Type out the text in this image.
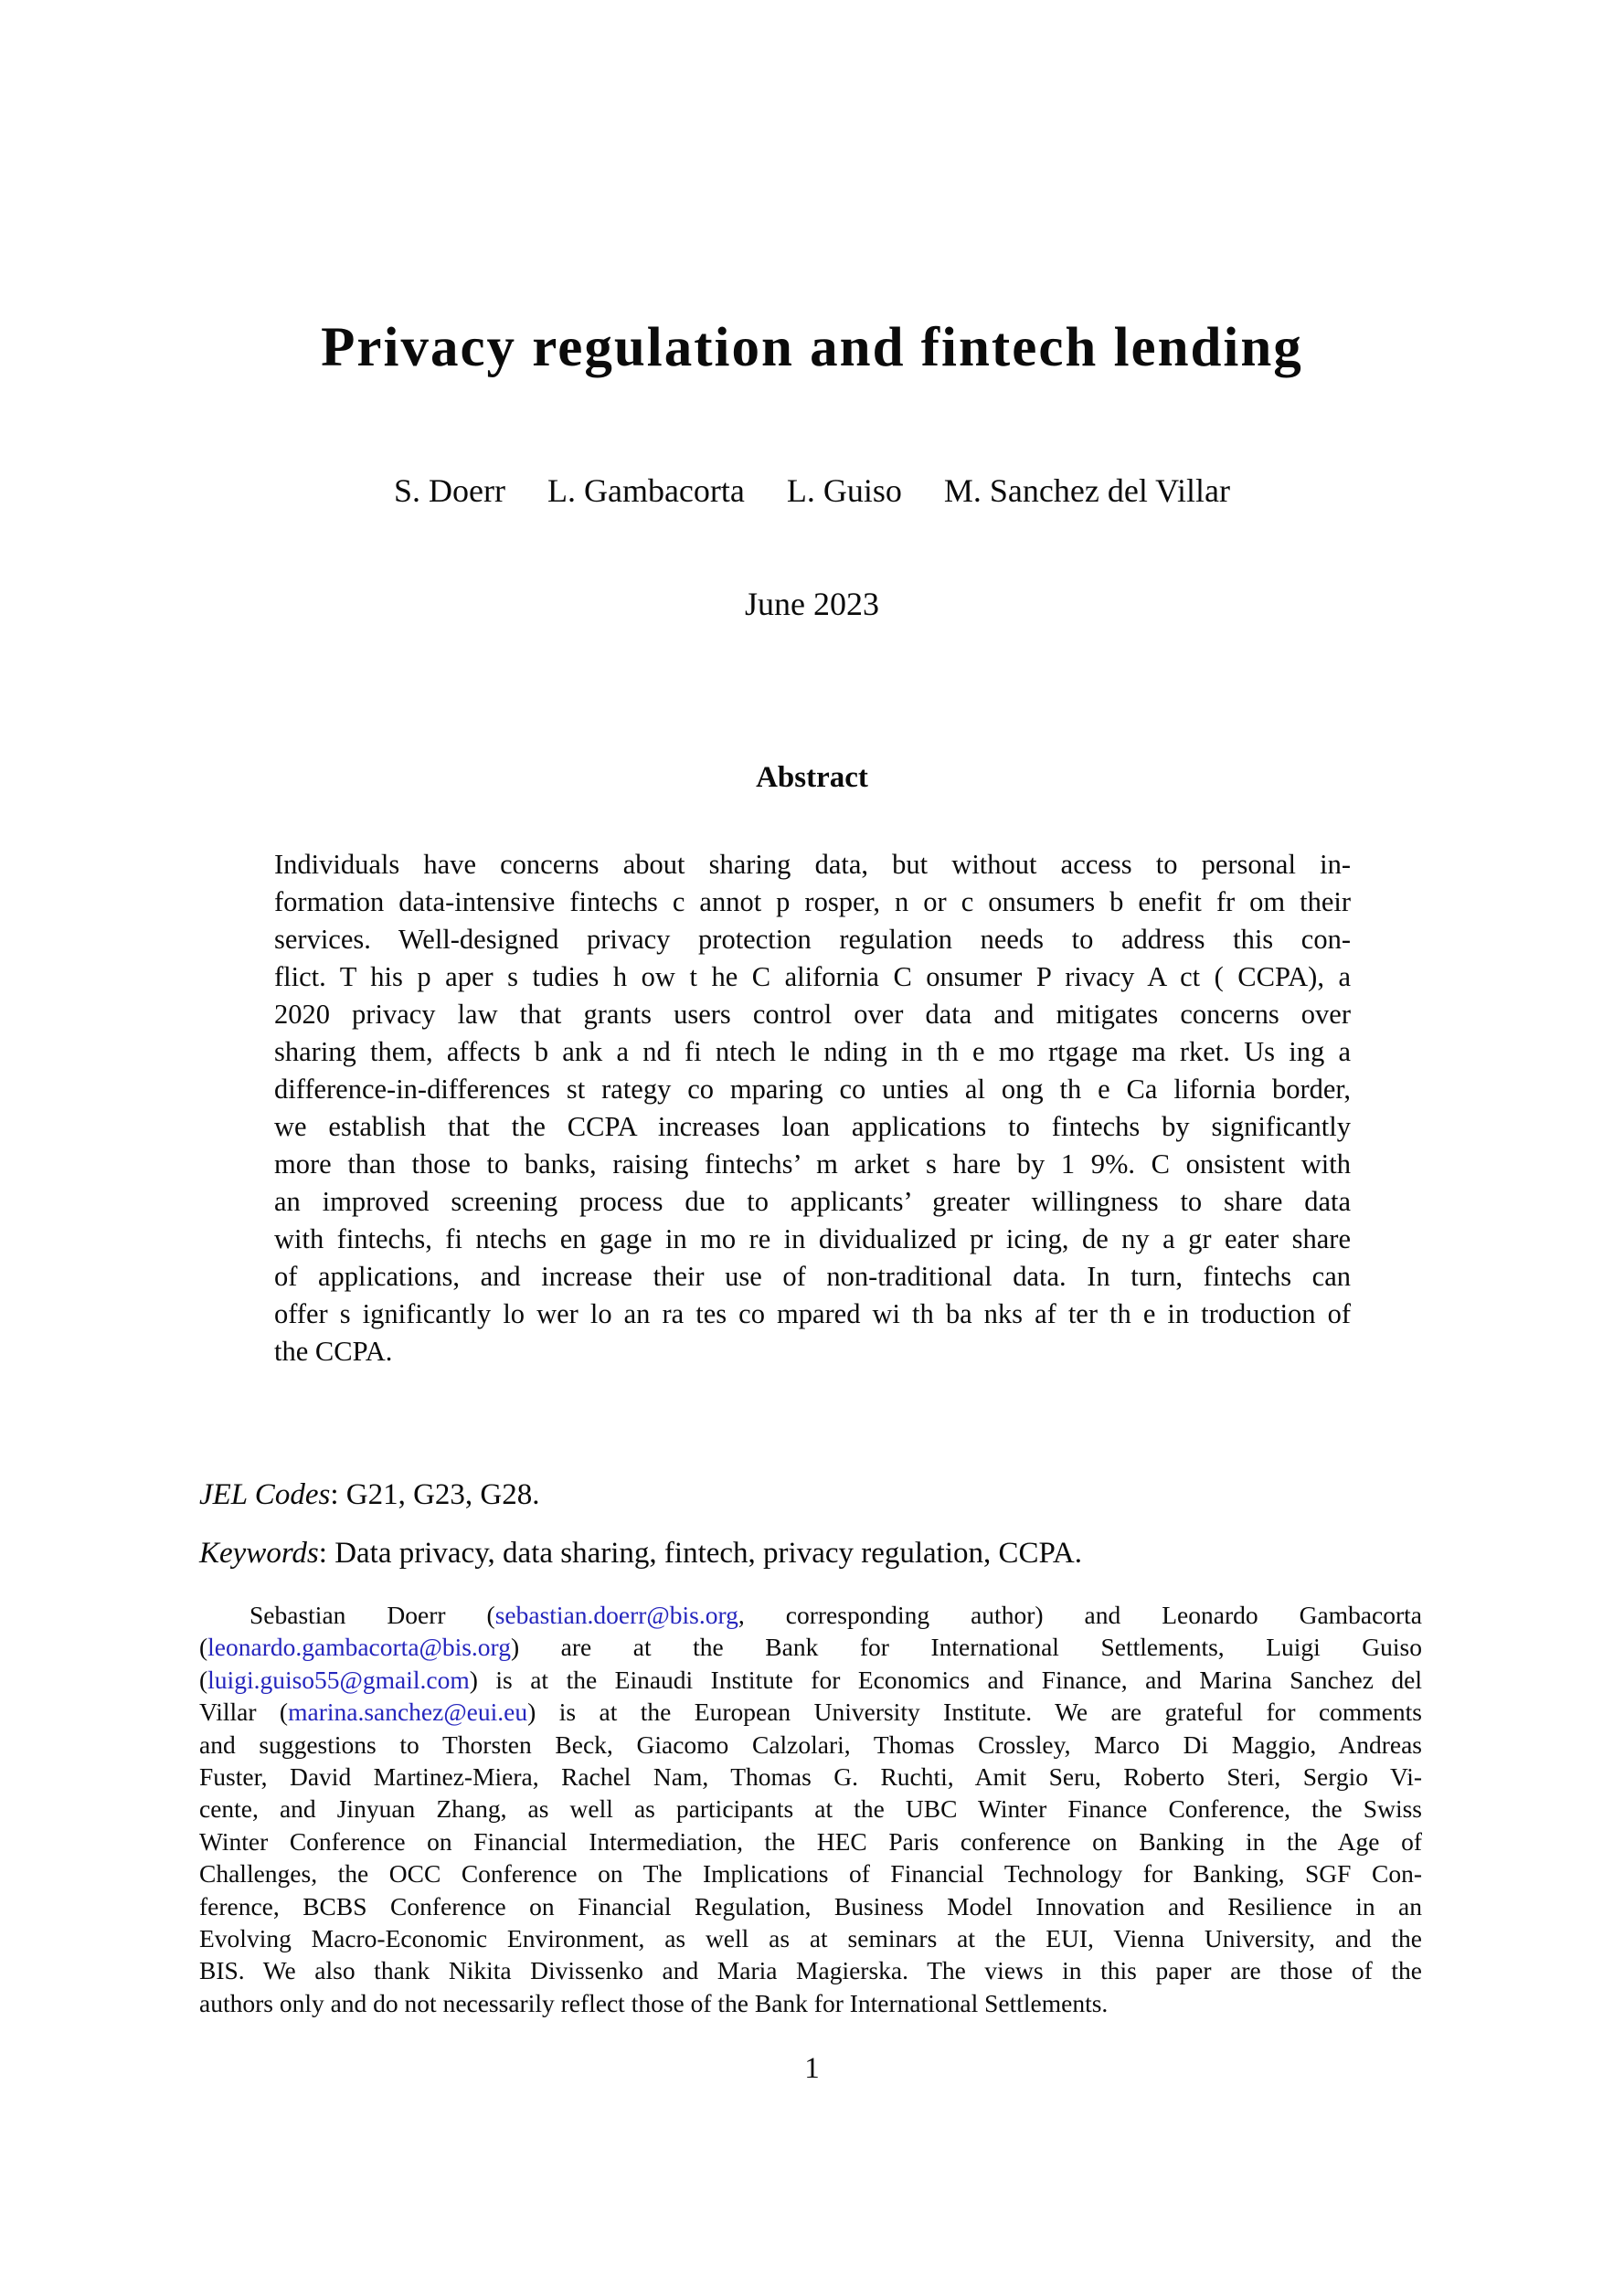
Privacy regulation and fintech lending
S. Doerr L. Gambacorta L. Guiso M. Sanchez del Villar
June 2023
Abstract
Individuals have concerns about sharing data, but without access to personal in-
formation data-intensive fintechs c annot p rosper, n or c onsumers b enefit fr om their
services. Well-designed privacy protection regulation needs to address this con-
flict. T his p aper s tudies h ow t he C alifornia C onsumer P rivacy A ct ( CCPA), a
2020 privacy law that grants users control over data and mitigates concerns over
sharing them, affects b ank a nd fi ntech le nding in th e mo rtgage ma rket. Us ing a
difference-in-differences st rategy co mparing co unties al ong th e Ca lifornia border,
we establish that the CCPA increases loan applications to fintechs by significantly
more than those to banks, raising fintechs’ m arket s hare by 1 9%. C onsistent with
an improved screening process due to applicants’ greater willingness to share data
with fintechs, fi ntechs en gage in mo re in dividualized pr icing, de ny a gr eater share
of applications, and increase their use of non-traditional data. In turn, fintechs can
offer s ignificantly lo wer lo an ra tes co mpared wi th ba nks af ter th e in troduction of
the CCPA.
JEL Codes: G21, G23, G28.
Keywords: Data privacy, data sharing, fintech, privacy regulation, CCPA.
Sebastian Doerr (sebastian.doerr@bis.org, corresponding author) and Leonardo Gambacorta
(leonardo.gambacorta@bis.org) are at the Bank for International Settlements, Luigi Guiso
(luigi.guiso55@gmail.com) is at the Einaudi Institute for Economics and Finance, and Marina Sanchez del
Villar (marina.sanchez@eui.eu) is at the European University Institute. We are grateful for comments
and suggestions to Thorsten Beck, Giacomo Calzolari, Thomas Crossley, Marco Di Maggio, Andreas
Fuster, David Martinez-Miera, Rachel Nam, Thomas G. Ruchti, Amit Seru, Roberto Steri, Sergio Vi-
cente, and Jinyuan Zhang, as well as participants at the UBC Winter Finance Conference, the Swiss
Winter Conference on Financial Intermediation, the HEC Paris conference on Banking in the Age of
Challenges, the OCC Conference on The Implications of Financial Technology for Banking, SGF Con-
ference, BCBS Conference on Financial Regulation, Business Model Innovation and Resilience in an
Evolving Macro-Economic Environment, as well as at seminars at the EUI, Vienna University, and the
BIS. We also thank Nikita Divissenko and Maria Magierska. The views in this paper are those of the
authors only and do not necessarily reflect those of the Bank for International Settlements.
1
